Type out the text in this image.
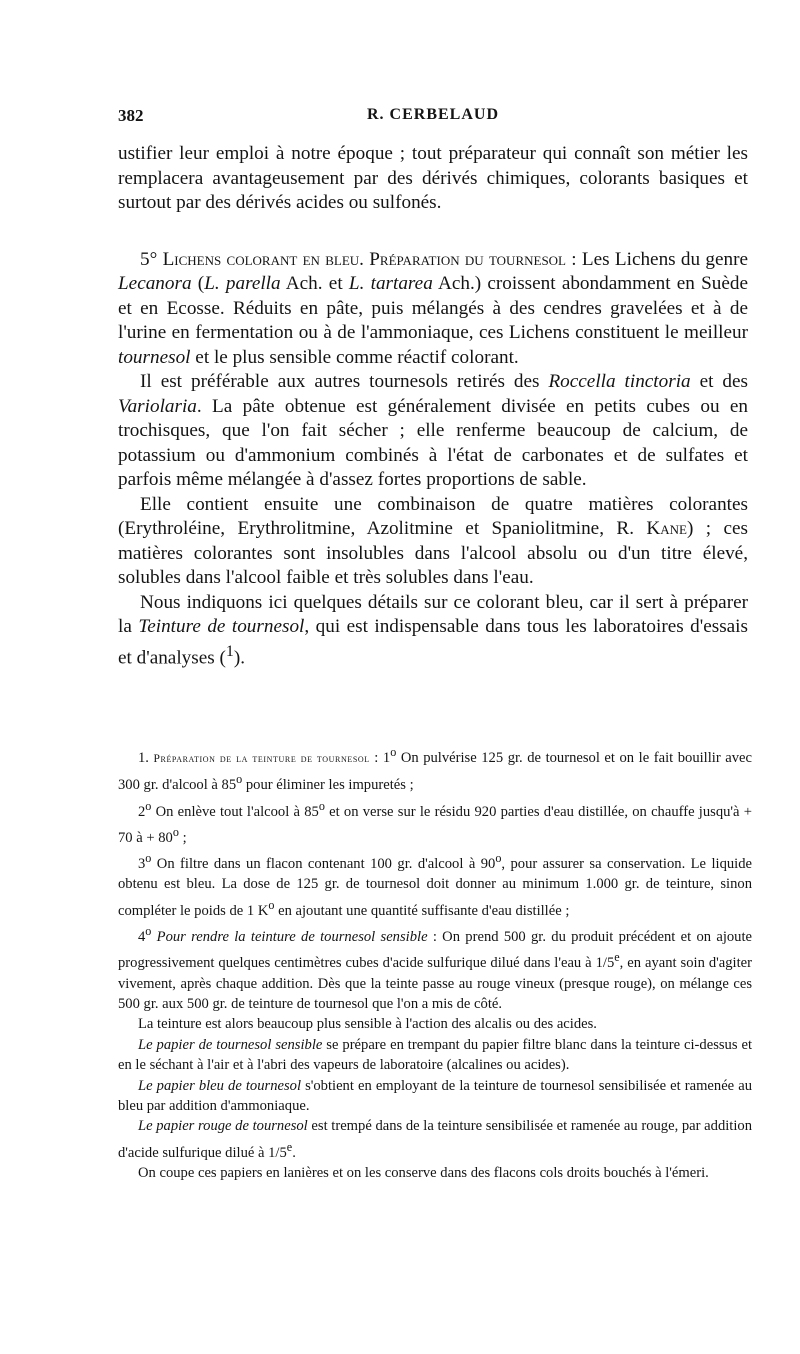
382	R. CERBELAUD

ustifier leur emploi à notre époque ; tout préparateur qui connaît son métier les remplacera avantageusement par des dérivés chimiques, colorants basiques et surtout par des dérivés acides ou sulfonés.

5° Lichens colorant en bleu. Préparation du tournesol : Les Lichens du genre Lecanora (L. parella Ach. et L. tartarea Ach.) croissent abondamment en Suède et en Ecosse. Réduits en pâte, puis mélangés à des cendres gravelées et à de l'urine en fermentation ou à de l'ammoniaque, ces Lichens constituent le meilleur tournesol et le plus sensible comme réactif colorant.

Il est préférable aux autres tournesols retirés des Roccella tinctoria et des Variolaria. La pâte obtenue est généralement divisée en petits cubes ou en trochisques, que l'on fait sécher ; elle renferme beaucoup de calcium, de potassium ou d'ammonium combinés à l'état de carbonates et de sulfates et parfois même mélangée à d'assez fortes proportions de sable.

Elle contient ensuite une combinaison de quatre matières colorantes (Erythroléine, Erythrolitmine, Azolitmine et Spaniolitmine, R. Kane) ; ces matières colorantes sont insolubles dans l'alcool absolu ou d'un titre élevé, solubles dans l'alcool faible et très solubles dans l'eau.

Nous indiquons ici quelques détails sur ce colorant bleu, car il sert à préparer la Teinture de tournesol, qui est indispensable dans tous les laboratoires d'essais et d'analyses ($^1$).

1. Préparation de la teinture de tournesol : 1$^o$ On pulvérise 125 gr. de tournesol et on le fait bouillir avec 300 gr. d'alcool à 85$^o$ pour éliminer les impuretés ;

2$^o$ On enlève tout l'alcool à 85$^o$ et on verse sur le résidu 920 parties d'eau distillée, on chauffe jusqu'à + 70 à + $80^o$ ;

3$^o$ On filtre dans un flacon contenant 100 gr. d'alcool à 90$^o$, pour assurer sa conservation. Le liquide obtenu est bleu. La dose de 125 gr. de tournesol doit donner au minimum 1.000 gr. de teinture, sinon compléter le poids de 1 $K^o$ en ajoutant une quantité suffisante d'eau distillée ;

4$^o$ Pour rendre la teinture de tournesol sensible : On prend 500 gr. du produit précédent et on ajoute progressivement quelques centimètres cubes d'acide sulfurique dilué dans l'eau à 1/5e, en ayant soin d'agiter vivement, après chaque addition. Dès que la teinte passe au rouge vineux (presque rouge), on mélange ces 500 gr. aux 500 gr. de teinture de tournesol que l'on a mis de côté.

La teinture est alors beaucoup plus sensible à l'action des alcalis ou des acides.

Le papier de tournesol sensible se prépare en trempant du papier filtre blanc dans la teinture ci-dessus et en le séchant à l'air et à l'abri des vapeurs de laboratoire (alcalines ou acides).

Le papier bleu de tournesol s'obtient en employant de la teinture de tournesol sensibilisée et ramenée au bleu par addition d'ammoniaque.

Le papier rouge de tournesol est trempé dans de la teinture sensibilisée et ramenée au rouge, par addition d'acide sulfurique dilué à 1/5e.

On coupe ces papiers en lanières et on les conserve dans des flacons cols droits bouchés à l'émeri.
